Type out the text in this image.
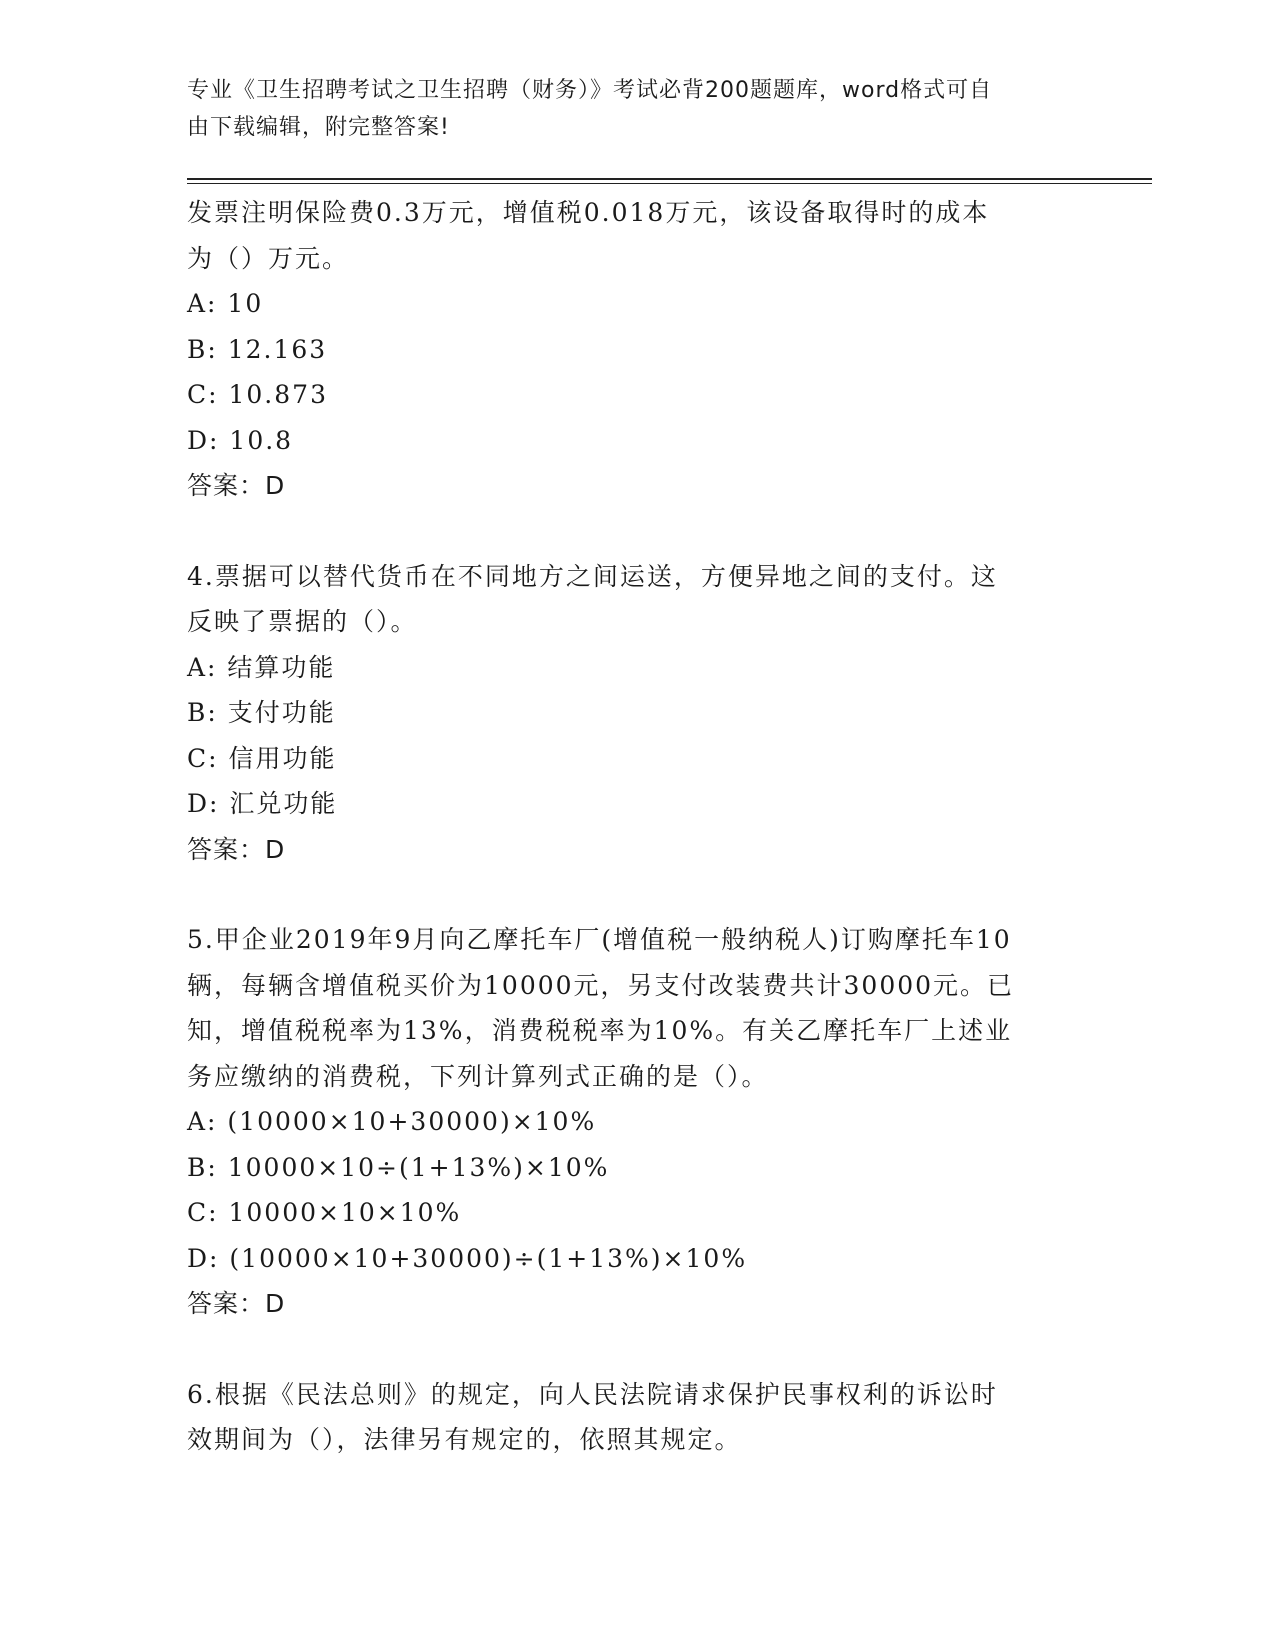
专业《卫生招聘考试之卫生招聘（财务）》考试必背200题题库，word格式可自
由下载编辑，附完整答案!
发票注明保险费0.3万元，增值税0.018万元，该设备取得时的成本
为（）万元。
A: 10
B: 12.163
C: 10.873
D: 10.8
答案：D
4.票据可以替代货币在不同地方之间运送，方便异地之间的支付。这
反映了票据的（）。
A: 结算功能
B: 支付功能
C: 信用功能
D: 汇兑功能
答案：D
5.甲企业2019年9月向乙摩托车厂(增值税一般纳税人)订购摩托车10
辆，每辆含增值税买价为10000元，另支付改装费共计30000元。已
知，增值税税率为13%，消费税税率为10%。有关乙摩托车厂上述业
务应缴纳的消费税，下列计算列式正确的是（）。
A: (10000×10+30000)×10%
B: 10000×10÷(1+13%)×10%
C: 10000×10×10%
D: (10000×10+30000)÷(1+13%)×10%
答案：D
6.根据《民法总则》的规定，向人民法院请求保护民事权利的诉讼时
效期间为（），法律另有规定的，依照其规定。
